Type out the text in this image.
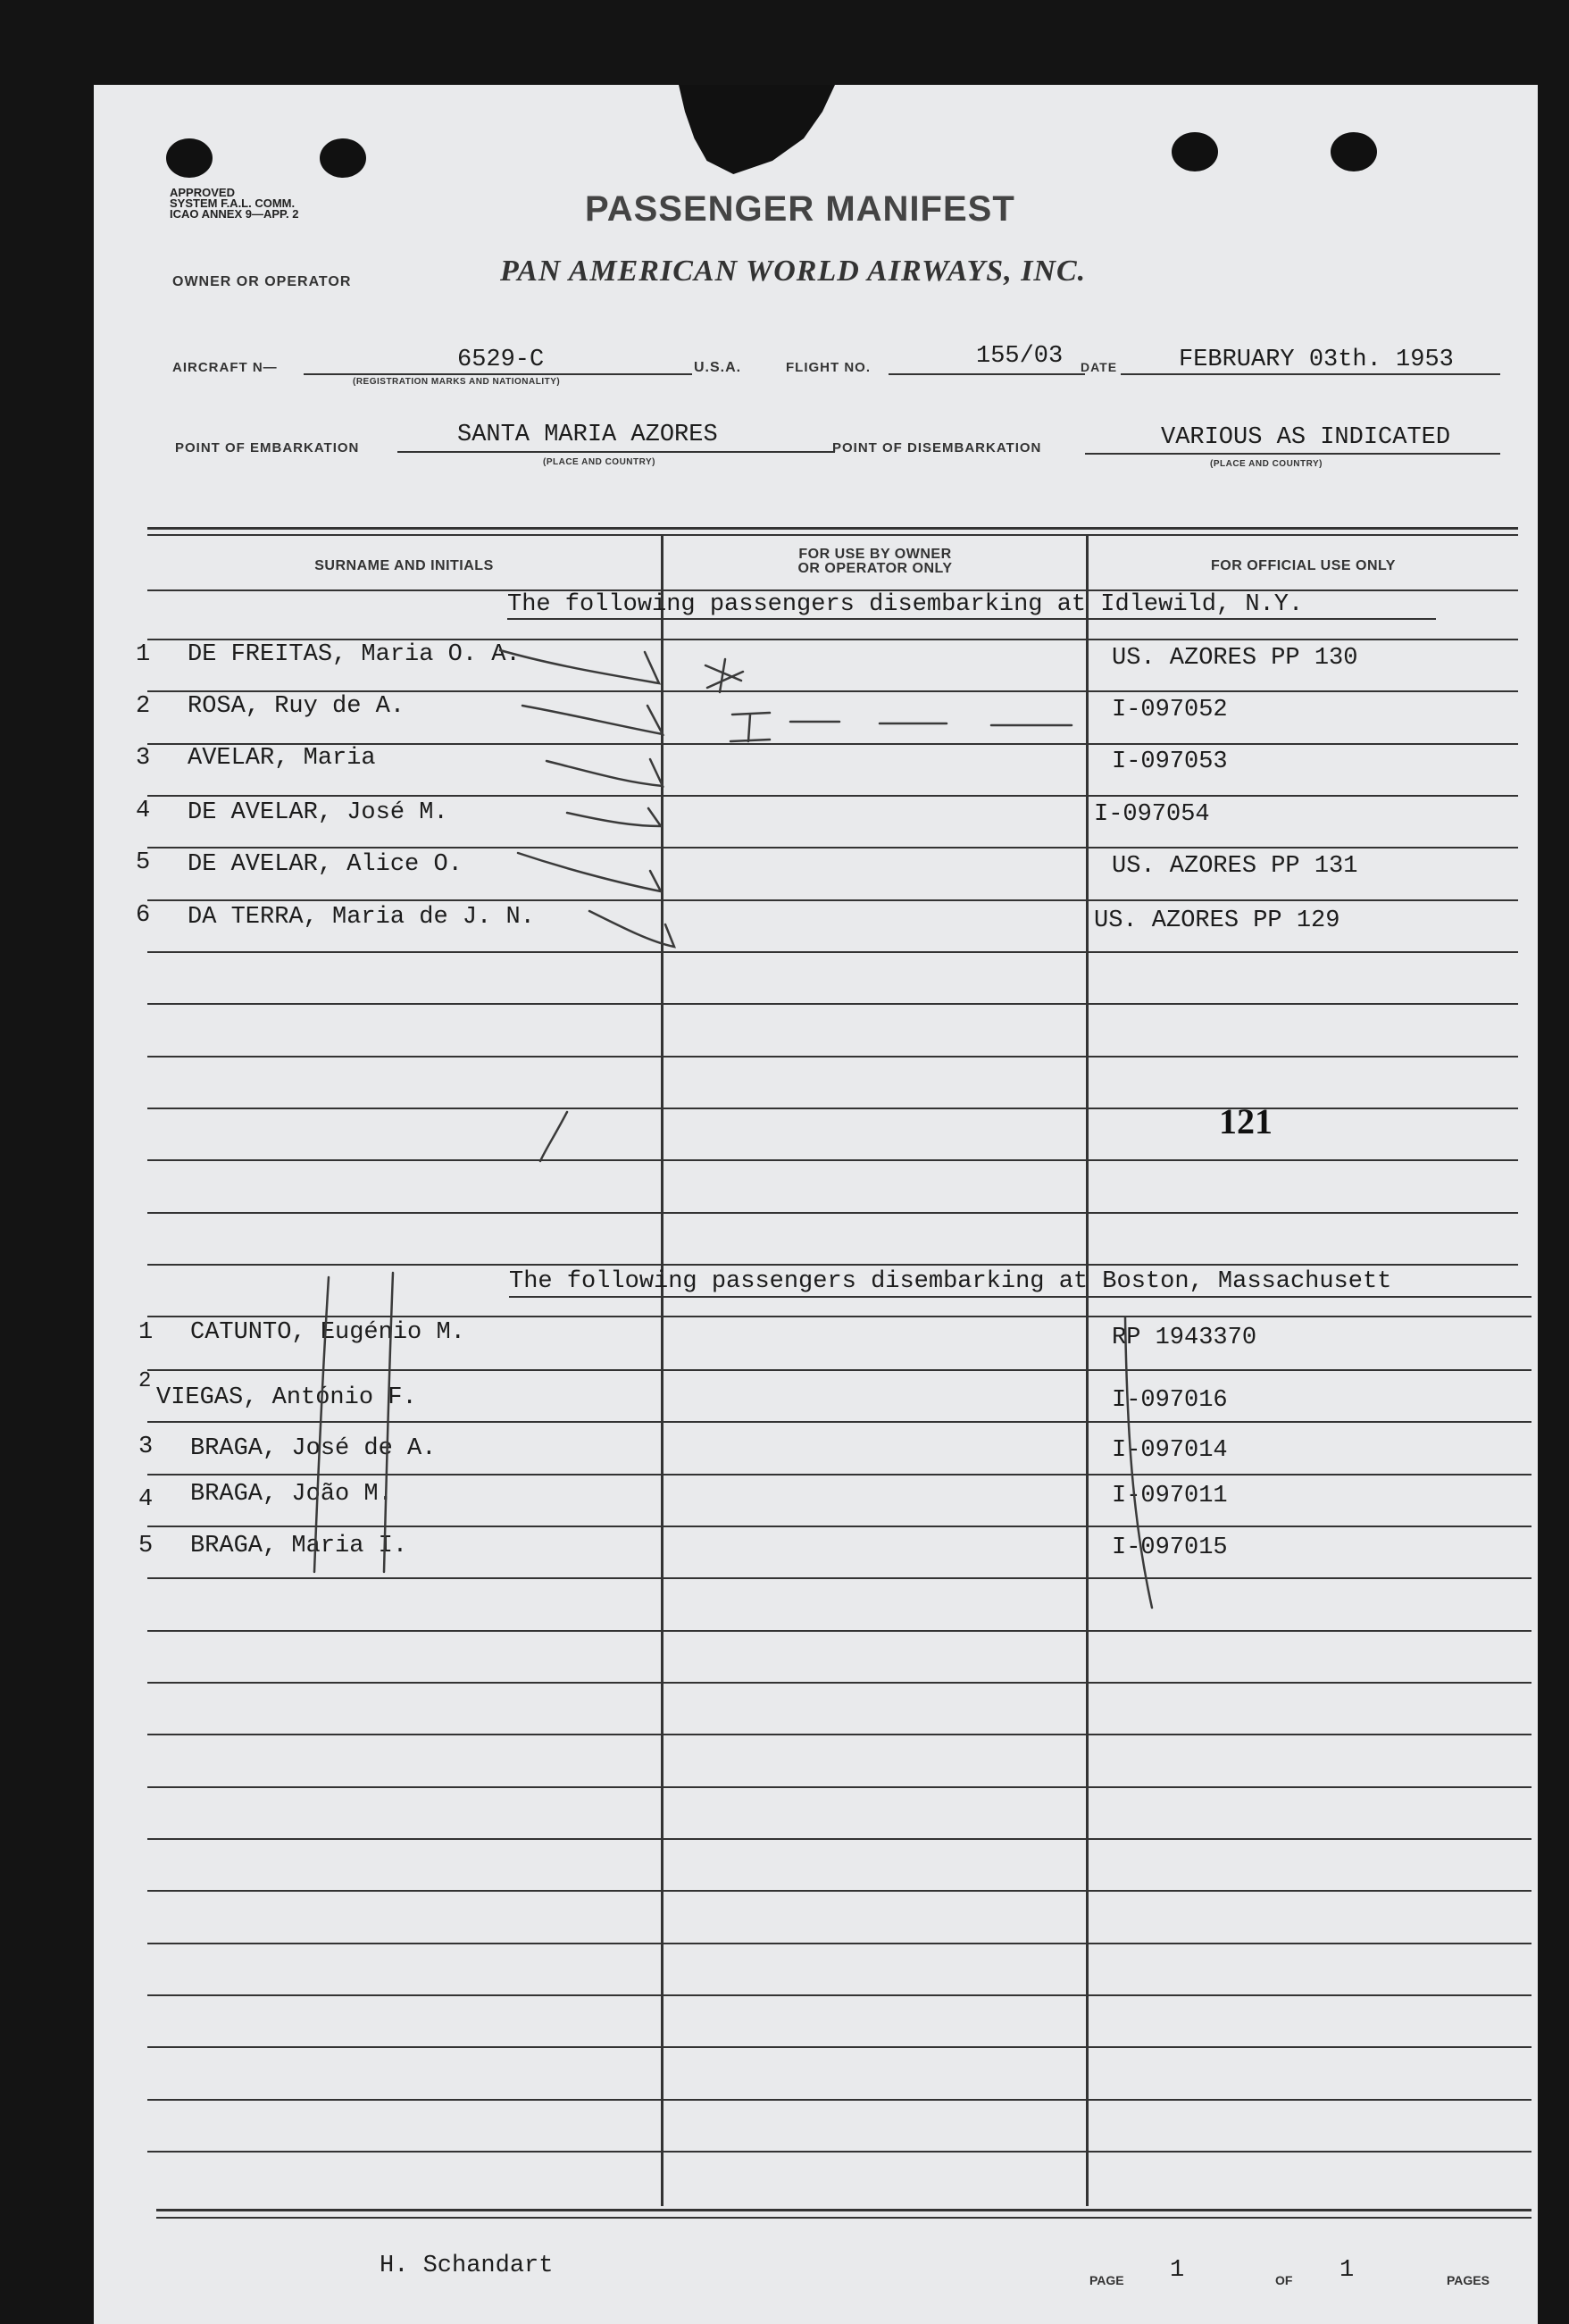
APPROVED
SYSTEM F.A.L. COMM.
ICAO ANNEX 9—APP. 2	PASSENGER MANIFEST
OWNER OR OPERATOR	PAN AMERICAN WORLD AIRWAYS, INC.
AIRCRAFT N—	6529-C
(REGISTRATION MARKS AND NATIONALITY)
U.S.A.	FLIGHT NO.	155/03 DATE	FEBRUARY 03th. 1953
POINT OF EMBARKATION	SANTA MARIA AZORES
(PLACE AND COUNTRY)
POINT OF DISEMBARKATION	VARIOUS AS INDICATED
(PLACE AND COUNTRY)
SURNAME AND INITIALS
FOR USE BY OWNER
OR OPERATOR ONLY	FOR OFFICIAL USE ONLY
The following passengers disembarking at Idlewild, N.Y.
1 DE FREITAS, Maria O. A.	US. AZORES PP 130
2 ROSA, Ruy de A.	I-097052
3 AVELAR, Maria	I-097053
4 DE AVELAR, José M.	I-097054
5 DE AVELAR, Alice O.	US. AZORES PP 131
6 DA TERRA, Maria de J. N.	US. AZORES PP 129
121
The following passengers disembarking at Boston, Massachusett
1 CATUNTO, Eugénio M.	RP 1943370
2
VIEGAS, António F.	I-097016
3 BRAGA, José de A.	I-097014
4 BRAGA, João M.	I-097011
5 BRAGA, Maria I.	I-097015
H. Schandart
PAGE 1	OF 1	PAGES
